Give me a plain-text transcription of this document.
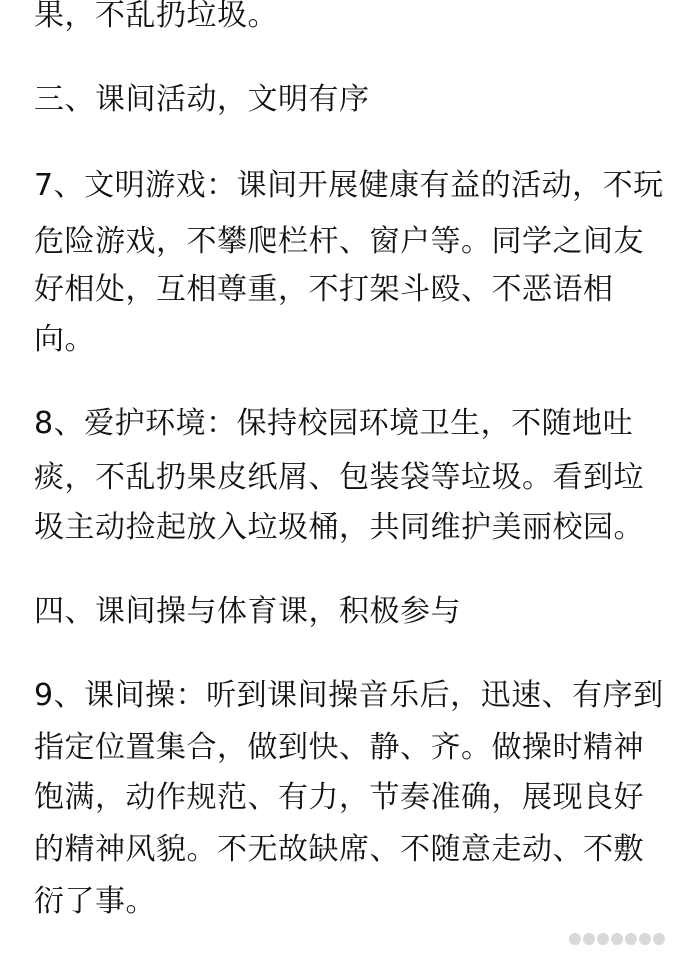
果，不乱扔垃圾。
三、课间活动，文明有序
7、文明游戏：课间开展健康有益的活动，不玩
危险游戏，不攀爬栏杆、窗户等。同学之间友
好相处，互相尊重，不打架斗殴、不恶语相
向。
8、爱护环境：保持校园环境卫生，不随地吐
痰，不乱扔果皮纸屑、包装袋等垃圾。看到垃
圾主动捡起放入垃圾桶，共同维护美丽校园。
四、课间操与体育课，积极参与
9、课间操：听到课间操音乐后，迅速、有序到
指定位置集合，做到快、静、齐。做操时精神
饱满，动作规范、有力，节奏准确，展现良好
的精神风貌。不无故缺席、不随意走动、不敷
衍了事。
